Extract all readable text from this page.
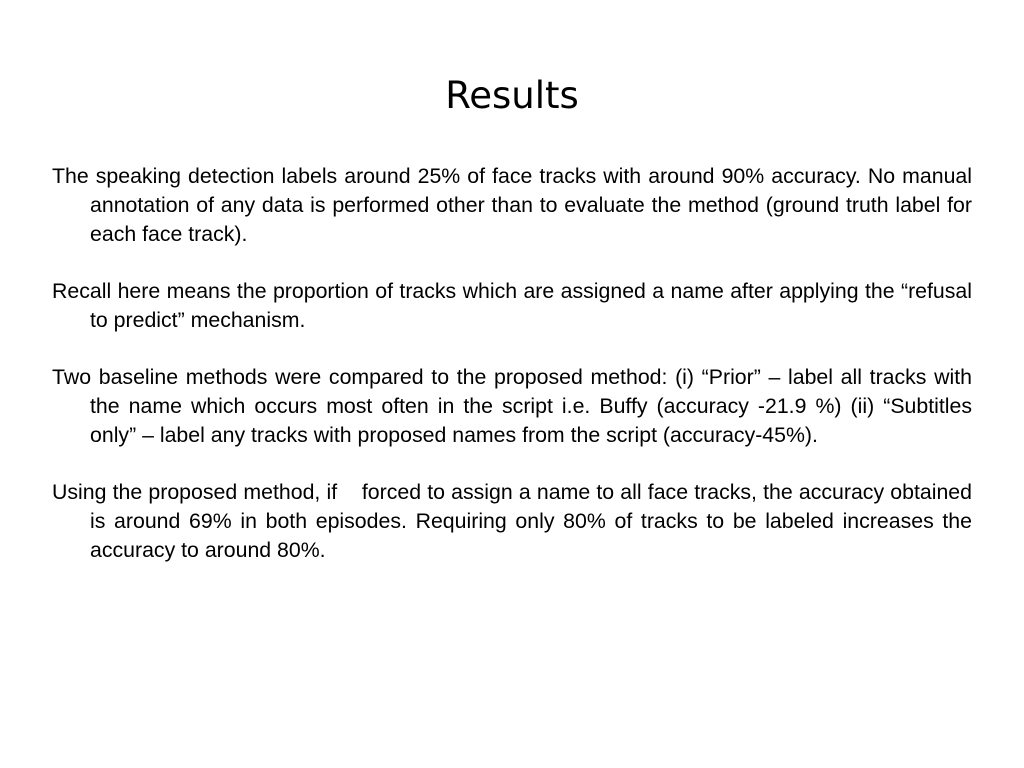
Results

The speaking detection labels around 25% of face tracks with around 90% accuracy. No manual annotation of any data is performed other than to evaluate the method (ground truth label for each face track).

Recall here means the proportion of tracks which are assigned a name after applying the “refusal to predict” mechanism.

Two baseline methods were compared to the proposed method: (i) “Prior” – label all tracks with the name which occurs most often in the script i.e. Buffy (accuracy -21.9 %) (ii) “Subtitles only” – label any tracks with proposed names from the script (accuracy-45%).

Using the proposed method, if    forced to assign a name to all face tracks, the accuracy obtained is around 69% in both episodes. Requiring only 80% of tracks to be labeled increases the accuracy to around 80%.
